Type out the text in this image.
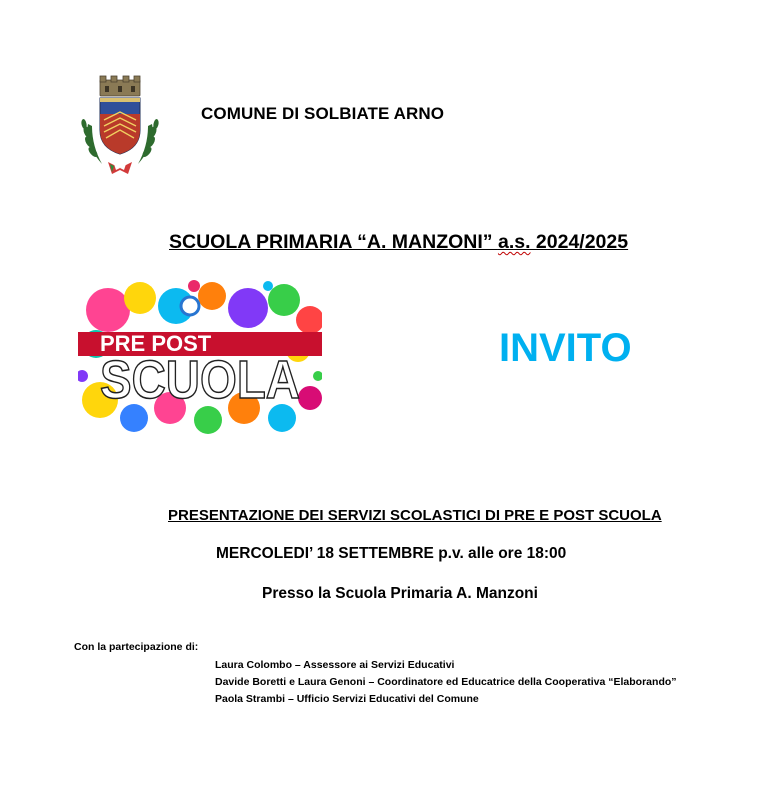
COMUNE DI SOLBIATE ARNO
SCUOLA PRIMARIA “A. MANZONI” a.s. 2024/2025
PRE POST
SCUOLA
INVITO
PRESENTAZIONE DEI SERVIZI SCOLASTICI DI PRE E POST SCUOLA
MERCOLEDI’ 18 SETTEMBRE p.v. alle ore 18:00
Presso la Scuola Primaria A. Manzoni
Con la partecipazione di:
Laura Colombo – Assessore ai Servizi Educativi
Davide Boretti e Laura Genoni – Coordinatore ed Educatrice della Cooperativa “Elaborando”
Paola Strambi – Ufficio Servizi Educativi del Comune
